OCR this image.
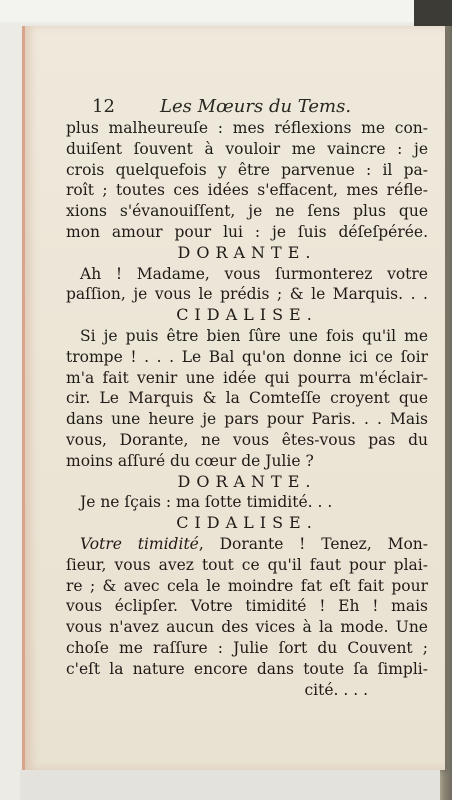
12	Les Mœurs du Tems.
plus malheureuſe : mes réflexions me con-
duiſent ſouvent à vouloir me vaincre : je
crois quelquefois y être parvenue : il pa-
roît ; toutes ces idées s'effacent, mes réfle-
xions s'évanouiſſent, je ne ſens plus que
mon amour pour lui : je ſuis déſeſpérée.
DORANTE.
Ah ! Madame, vous ſurmonterez votre
paſſion, je vous le prédis ; & le Marquis. . .
CIDALISE.
Si je puis être bien ſûre une fois qu'il me
trompe ! . . . Le Bal qu'on donne ici ce ſoir
m'a fait venir une idée qui pourra m'éclair-
cir. Le Marquis & la Comteſſe croyent que
dans une heure je pars pour Paris. . . Mais
vous, Dorante, ne vous êtes-vous pas du
moins aſſuré du cœur de Julie ?
DORANTE.
Je ne ſçais : ma ſotte timidité. . .
CIDALISE.
Votre timidité, Dorante ! Tenez, Mon-
ſieur, vous avez tout ce qu'il faut pour plai-
re ; & avec cela le moindre fat eſt fait pour
vous éclipſer. Votre timidité ! Eh ! mais
vous n'avez aucun des vices à la mode. Une
choſe me raſſure : Julie ſort du Couvent ;
c'eſt la nature encore dans toute ſa ſimpli-
cité. . . .
